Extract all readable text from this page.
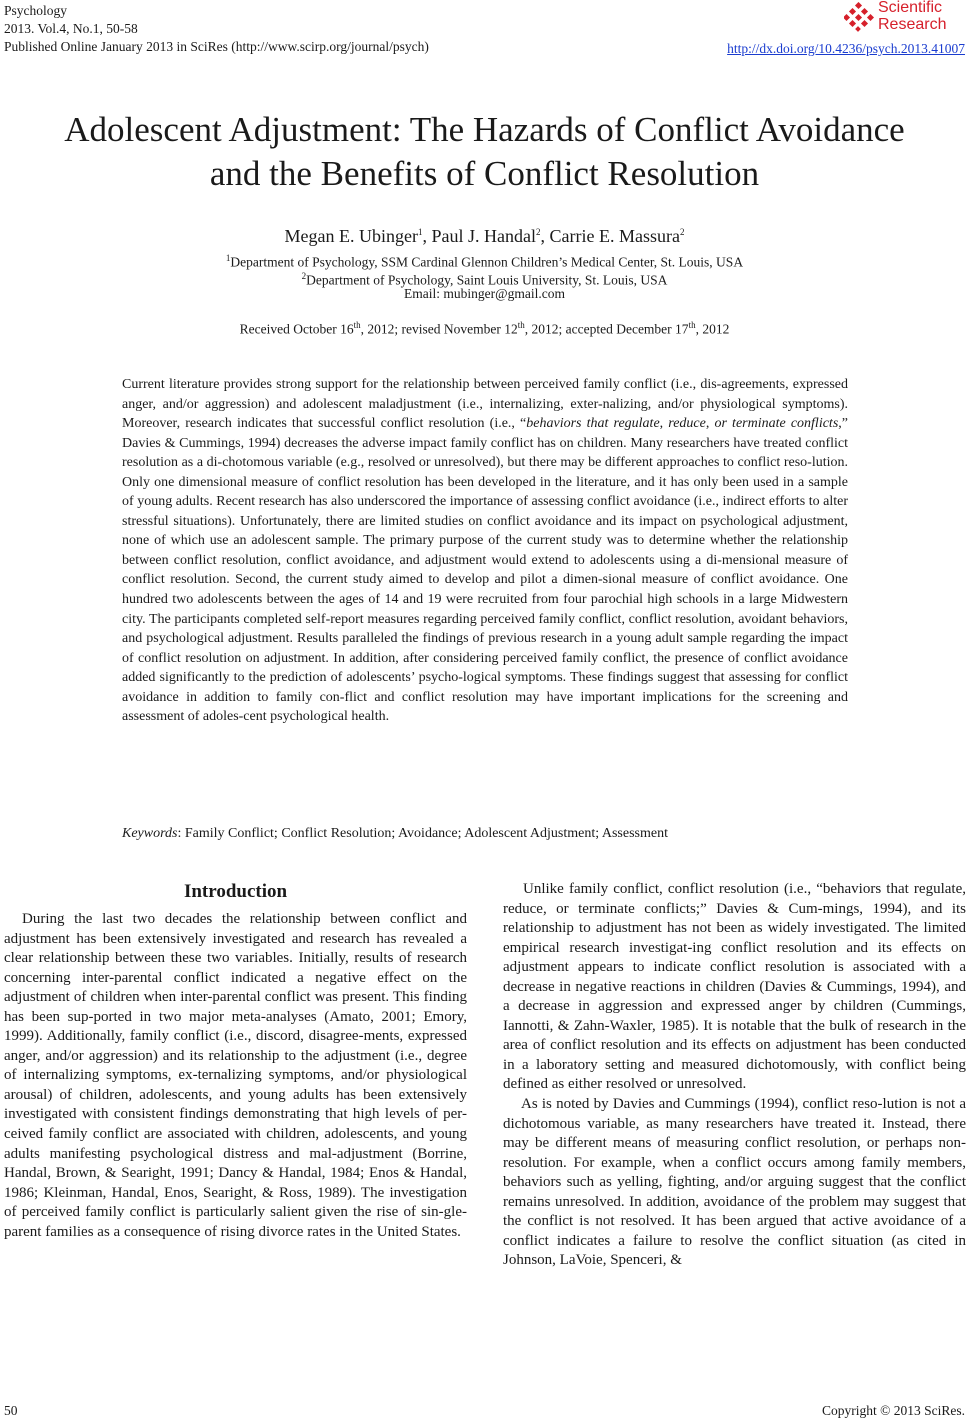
Psychology
2013. Vol.4, No.1, 50-58
Published Online January 2013 in SciRes (http://www.scirp.org/journal/psych)
Scientific
Research
http://dx.doi.org/10.4236/psych.2013.41007
Adolescent Adjustment: The Hazards of Conflict Avoidance
and the Benefits of Conflict Resolution
Megan E. Ubinger$^1$, Paul J. Handal$^2$, Carrie E. Massura$^2$
$^1$Department of Psychology, SSM Cardinal Glennon Children’s Medical Center, St. Louis, USA
$^2$Department of Psychology, Saint Louis University, St. Louis, USA
Email: mubinger@gmail.com
Received October 16th, 2012; revised November 12th, 2012; accepted December 17th, 2012
Current literature provides strong support for the relationship between perceived family conflict (i.e., dis-agreements, expressed anger, and/or aggression) and adolescent maladjustment (i.e., internalizing, exter-nalizing, and/or physiological symptoms). Moreover, research indicates that successful conflict resolution (i.e., “behaviors that regulate, reduce, or terminate conflicts,” Davies & Cummings, 1994) decreases the adverse impact family conflict has on children. Many researchers have treated conflict resolution as a di-chotomous variable (e.g., resolved or unresolved), but there may be different approaches to conflict reso-lution. Only one dimensional measure of conflict resolution has been developed in the literature, and it has only been used in a sample of young adults. Recent research has also underscored the importance of assessing conflict avoidance (i.e., indirect efforts to alter stressful situations). Unfortunately, there are limited studies on conflict avoidance and its impact on psychological adjustment, none of which use an adolescent sample. The primary purpose of the current study was to determine whether the relationship between conflict resolution, conflict avoidance, and adjustment would extend to adolescents using a di-mensional measure of conflict resolution. Second, the current study aimed to develop and pilot a dimen-sional measure of conflict avoidance. One hundred two adolescents between the ages of 14 and 19 were recruited from four parochial high schools in a large Midwestern city. The participants completed self-report measures regarding perceived family conflict, conflict resolution, avoidant behaviors, and psychological adjustment. Results paralleled the findings of previous research in a young adult sample regarding the impact of conflict resolution on adjustment. In addition, after considering perceived family conflict, the presence of conflict avoidance added significantly to the prediction of adolescents’ psycho-logical symptoms. These findings suggest that assessing for conflict avoidance in addition to family con-flict and conflict resolution may have important implications for the screening and assessment of adoles-cent psychological health.
Keywords: Family Conflict; Conflict Resolution; Avoidance; Adolescent Adjustment; Assessment
Introduction

During the last two decades the relationship between conflict and adjustment has been extensively investigated and research has revealed a clear relationship between these two variables. Initially, results of research concerning inter-parental conflict indicated a negative effect on the adjustment of children when inter-parental conflict was present. This finding has been sup-ported in two major meta-analyses (Amato, 2001; Emory, 1999). Additionally, family conflict (i.e., discord, disagree-ments, expressed anger, and/or aggression) and its relationship to the adjustment (i.e., degree of internalizing symptoms, ex-ternalizing symptoms, and/or physiological arousal) of children, adolescents, and young adults has been extensively investigated with consistent findings demonstrating that high levels of per-ceived family conflict are associated with children, adolescents, and young adults manifesting psychological distress and mal-adjustment (Borrine, Handal, Brown, & Searight, 1991; Dancy & Handal, 1984; Enos & Handal, 1986; Kleinman, Handal, Enos, Searight, & Ross, 1989). The investigation of perceived family conflict is particularly salient given the rise of sin-gle-parent families as a consequence of rising divorce rates in the United States.

Unlike family conflict, conflict resolution (i.e., “behaviors that regulate, reduce, or terminate conflicts;” Davies & Cum-mings, 1994), and its relationship to adjustment has not been as widely investigated. The limited empirical research investigat-ing conflict resolution and its effects on adjustment appears to indicate conflict resolution is associated with a decrease in negative reactions in children (Davies & Cummings, 1994), and a decrease in aggression and expressed anger by children (Cummings, Iannotti, & Zahn-Waxler, 1985). It is notable that the bulk of research in the area of conflict resolution and its effects on adjustment has been conducted in a laboratory setting and measured dichotomously, with conflict being defined as either resolved or unresolved.

As is noted by Davies and Cummings (1994), conflict reso-lution is not a dichotomous variable, as many researchers have treated it. Instead, there may be different means of measuring conflict resolution, or perhaps non-resolution. For example, when a conflict occurs among family members, behaviors such as yelling, fighting, and/or arguing suggest that the conflict remains unresolved. In addition, avoidance of the problem may suggest that the conflict is not resolved. It has been argued that active avoidance of a conflict indicates a failure to resolve the conflict situation (as cited in Johnson, LaVoie, Spenceri, &

50	Copyright © 2013 SciRes.
